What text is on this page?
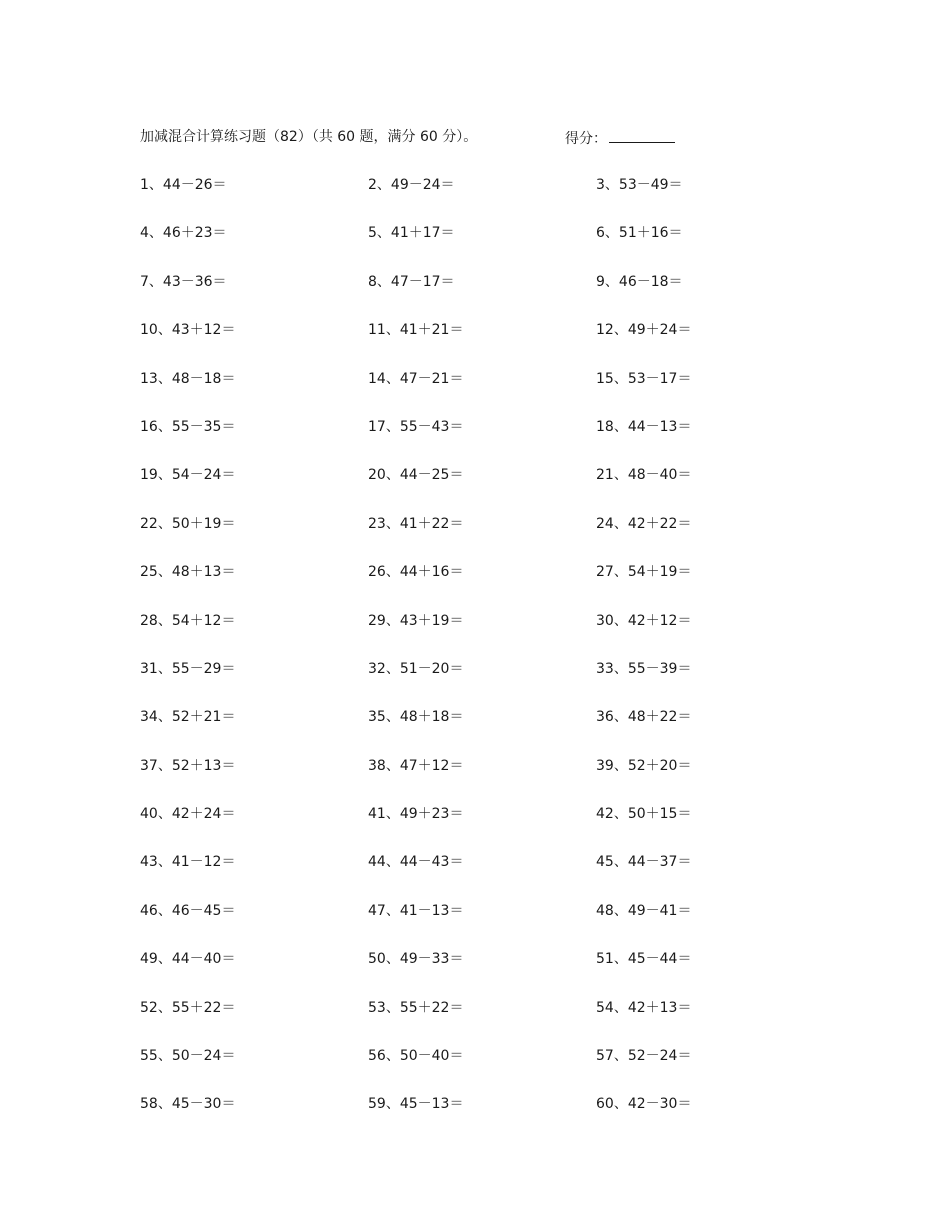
加减混合计算练习题（82）（共 60 题，满分 60 分）。	得分：
1、44－26＝	2、49－24＝	3、53－49＝
4、46＋23＝	5、41＋17＝	6、51＋16＝
7、43－36＝	8、47－17＝	9、46－18＝
10、43＋12＝	11、41＋21＝	12、49＋24＝
13、48－18＝	14、47－21＝	15、53－17＝
16、55－35＝	17、55－43＝	18、44－13＝
19、54－24＝	20、44－25＝	21、48－40＝
22、50＋19＝	23、41＋22＝	24、42＋22＝
25、48＋13＝	26、44＋16＝	27、54＋19＝
28、54＋12＝	29、43＋19＝	30、42＋12＝
31、55－29＝	32、51－20＝	33、55－39＝
34、52＋21＝	35、48＋18＝	36、48＋22＝
37、52＋13＝	38、47＋12＝	39、52＋20＝
40、42＋24＝	41、49＋23＝	42、50＋15＝
43、41－12＝	44、44－43＝	45、44－37＝
46、46－45＝	47、41－13＝	48、49－41＝
49、44－40＝	50、49－33＝	51、45－44＝
52、55＋22＝	53、55＋22＝	54、42＋13＝
55、50－24＝	56、50－40＝	57、52－24＝
58、45－30＝	59、45－13＝	60、42－30＝
